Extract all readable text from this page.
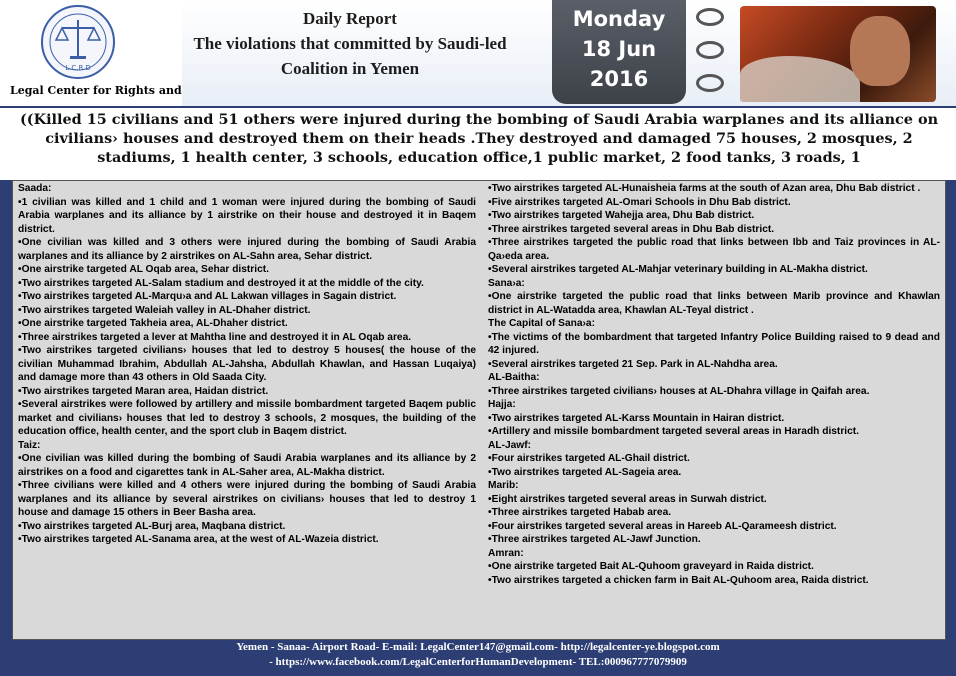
L.C.R.D
Legal Center for Rights and
Daily Report
The violations that committed by Saudi-led
Coalition in Yemen
Monday
18 Jun
2016
((Killed 15 civilians and 51 others were injured during the bombing of Saudi Arabia warplanes and its alliance on civilians› houses and destroyed them on their heads .They destroyed and damaged 75 houses, 2 mosques, 2 stadiums, 1 health center, 3 schools, education office,1 public market, 2 food tanks, 3 roads, 1

Saada:

•1 civilian was killed and 1 child and 1 woman were injured during the bombing of Saudi Arabia warplanes and its alliance by 1 airstrike on their house and destroyed it in Baqem district.

•One civilian was killed and 3 others were injured during the bombing of Saudi Arabia warplanes and its alliance by 2 airstrikes on AL-Sahn area, Sehar district.

•One airstrike targeted AL Oqab area, Sehar district.

•Two airstrikes targeted AL-Salam stadium and destroyed it at the middle of the city.

•Two airstrikes targeted AL-Marqu›a and AL Lakwan villages in Sagain district.

•Two airstrikes targeted Waleiah valley in AL-Dhaher district.

•One airstrike targeted Takheia area, AL-Dhaher district.

•Three airstrikes targeted a lever at Mahtha line and destroyed it in AL Oqab area.

•Two airstrikes targeted civilians› houses that led to destroy 5 houses( the house of the civilian Muhammad Ibrahim, Abdullah AL-Jahsha, Abdullah Khawlan, and Hassan Luqaiya) and damage more than 43 others in Old Saada City.

•Two airstrikes targeted Maran area, Haidan district.

•Several airstrikes were followed by artillery and missile bombardment targeted Baqem public market and civilians› houses that led to destroy 3 schools, 2 mosques, the building of the education office, health center, and the sport club in Baqem district.

Taiz:

•One civilian was killed during the bombing of Saudi Arabia warplanes and its alliance by 2 airstrikes on a food and cigarettes tank in AL-Saher area, AL-Makha district.

•Three civilians were killed and 4 others were injured during the bombing of Saudi Arabia warplanes and its alliance by several airstrikes on civilians› houses that led to destroy 1 house and damage 15 others in Beer Basha area.

•Two airstrikes targeted AL-Burj area, Maqbana district.

•Two airstrikes targeted AL-Sanama area, at the west of AL-Wazeia district.

•Two airstrikes targeted AL-Hunaisheia farms at the south of Azan area, Dhu Bab district .

•Five airstrikes targeted AL-Omari Schools in Dhu Bab district.

•Two airstrikes targeted Wahejja area, Dhu Bab district.

•Three airstrikes targeted several areas in Dhu Bab district.

•Three airstrikes targeted the public road that links between Ibb and Taiz provinces in AL-Qa›eda area.

•Several airstrikes targeted AL-Mahjar veterinary building in AL-Makha district.

Sana›a:

•One airstrike targeted the public road that links between Marib province and Khawlan district in AL-Watadda area, Khawlan AL-Teyal district .

The Capital of Sana›a:

•The victims of the bombardment that targeted Infantry Police Building raised to 9 dead and 42 injured.

•Several airstrikes targeted 21 Sep. Park in AL-Nahdha area.

AL-Baitha:

•Three airstrikes targeted civilians› houses at AL-Dhahra village in Qaifah area.

Hajja:

•Two airstrikes targeted AL-Karss Mountain in Hairan district.

•Artillery and missile bombardment targeted several areas in Haradh district.

AL-Jawf:

•Four airstrikes targeted AL-Ghail district.

•Two airstrikes targeted AL-Sageia area.

Marib:

•Eight airstrikes targeted several areas in Surwah district.

•Three airstrikes targeted Habab area.

•Four airstrikes targeted several areas in Hareeb AL-Qarameesh district.

•Three airstrikes targeted AL-Jawf Junction.

Amran:

•One airstrike targeted Bait AL-Quhoom graveyard in Raida district.

•Two airstrikes targeted a chicken farm in Bait AL-Quhoom area, Raida district.

Yemen - Sanaa- Airport Road- E-mail: LegalCenter147@gmail.com- http://legalcenter-ye.blogspot.com
- https://www.facebook.com/LegalCenterforHumanDevelopment- TEL:000967777079909
